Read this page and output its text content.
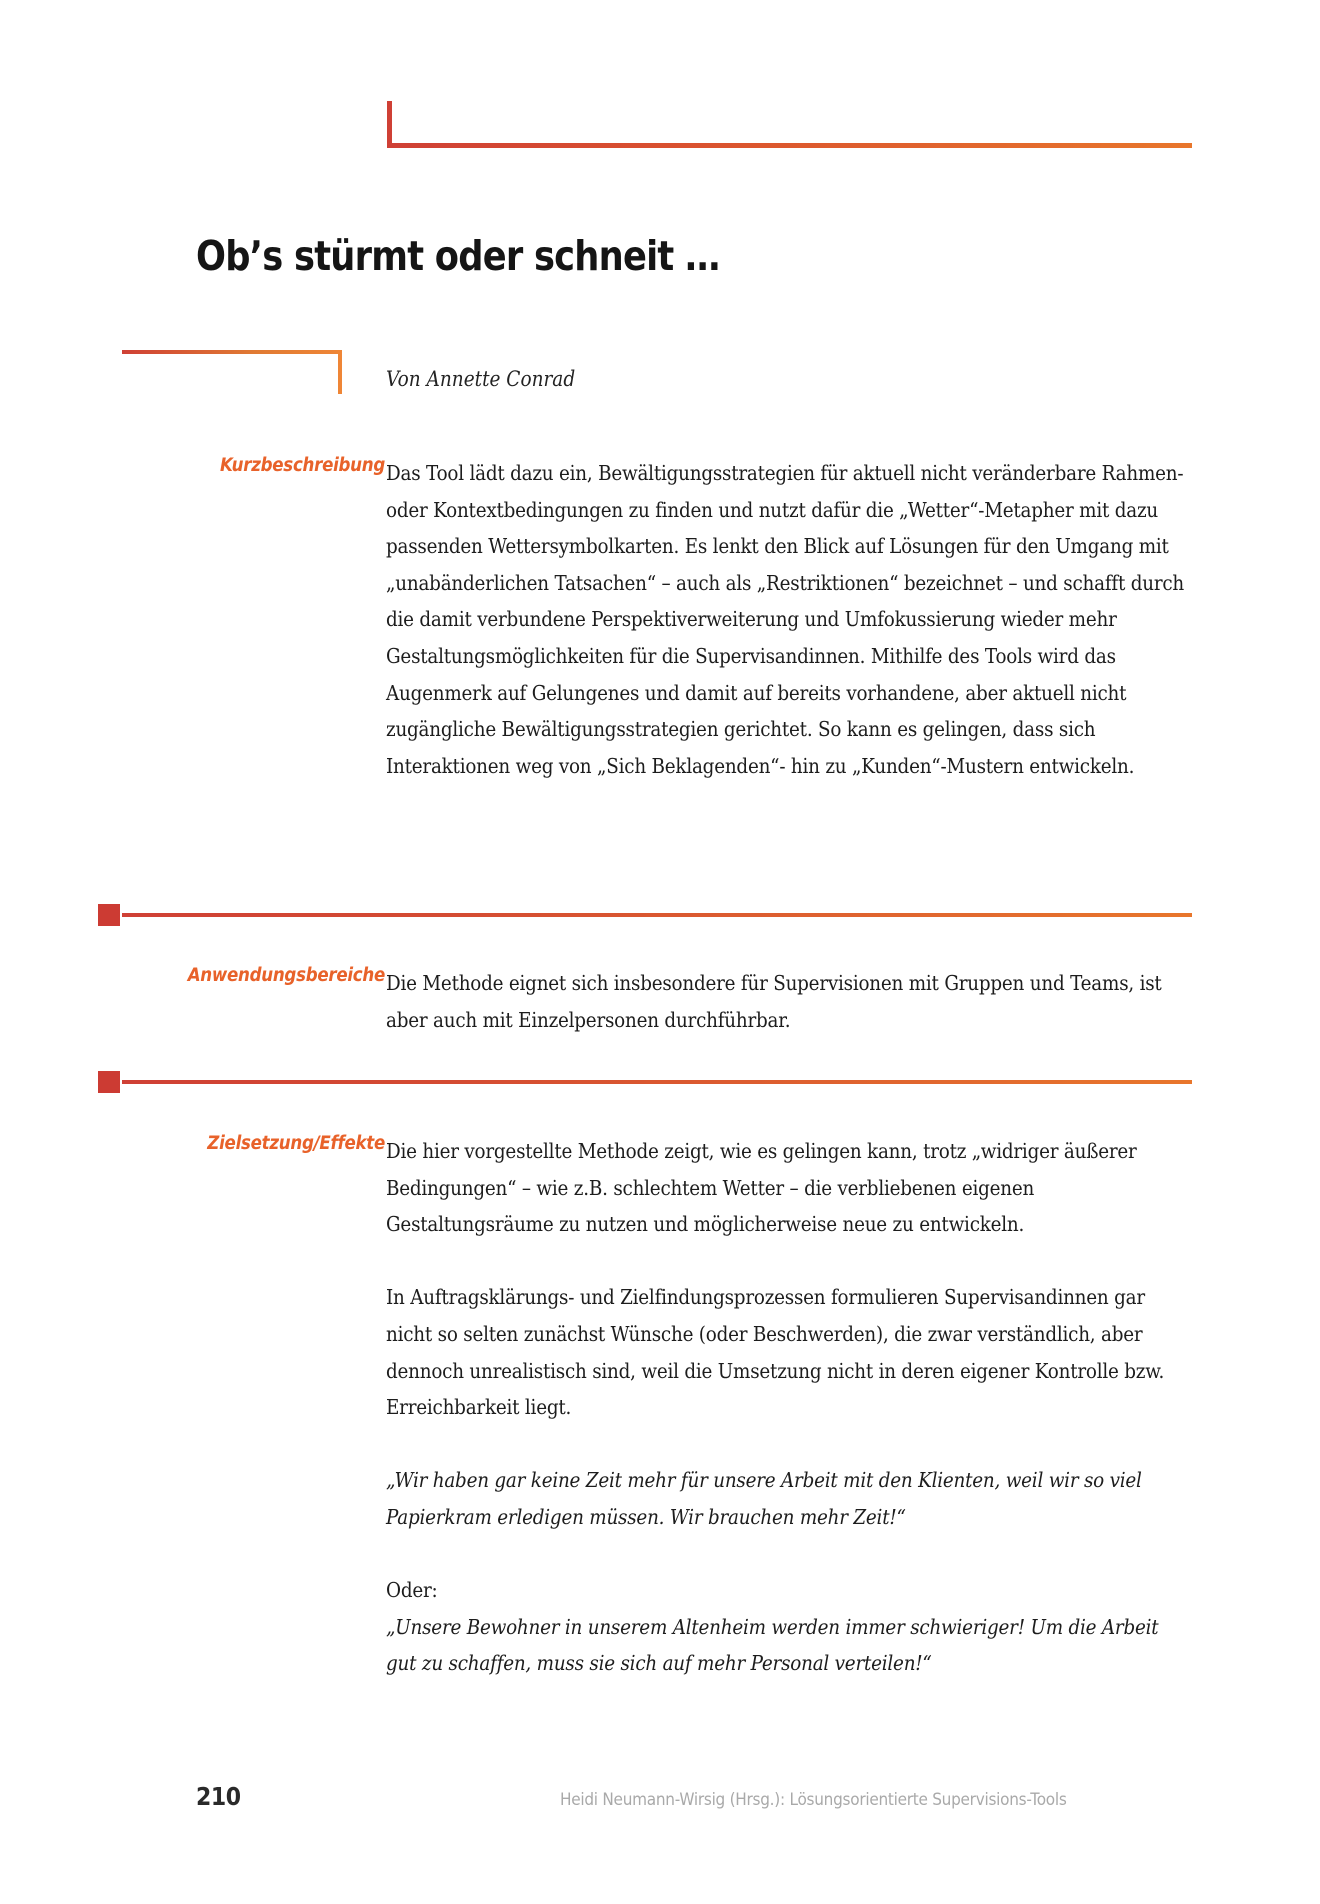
Ob’s stürmt oder schneit …
Von Annette Conrad
Kurzbeschreibung Das Tool lädt dazu ein, Bewältigungsstrategien für aktuell nicht veränderbare Rahmen- oder Kontextbedingungen zu finden und nutzt dafür die „Wetter“-Metapher mit dazu passenden Wettersymbolkarten. Es lenkt den Blick auf Lösungen für den Umgang mit „unabänderlichen Tatsachen“ – auch als „Restriktionen“ bezeichnet – und schafft durch die damit verbundene Perspektiverweiterung und Umfokussierung wieder mehr Gestaltungsmöglichkeiten für die Supervisandinnen. Mithilfe des Tools wird das Augenmerk auf Gelungenes und damit auf bereits vorhandene, aber aktuell nicht zugängliche Bewältigungsstrategien gerichtet. So kann es gelingen, dass sich Interaktionen weg von „Sich Beklagenden“- hin zu „Kunden“-Mustern entwickeln.

Anwendungsbereiche Die Methode eignet sich insbesondere für Supervisionen mit Gruppen und Teams, ist aber auch mit Einzelpersonen durchführbar.

Zielsetzung/Effekte Die hier vorgestellte Methode zeigt, wie es gelingen kann, trotz „widriger äußerer Bedingungen“ – wie z.B. schlechtem Wetter – die verbliebenen eigenen Gestaltungsräume zu nutzen und möglicherweise neue zu entwickeln.

In Auftragsklärungs- und Zielfindungsprozessen formulieren Supervisandinnen gar nicht so selten zunächst Wünsche (oder Beschwerden), die zwar verständlich, aber dennoch unrealistisch sind, weil die Umsetzung nicht in deren eigener Kontrolle bzw. Erreichbarkeit liegt.

„Wir haben gar keine Zeit mehr für unsere Arbeit mit den Klienten, weil wir so viel Papierkram erledigen müssen. Wir brauchen mehr Zeit!“

Oder:

„Unsere Bewohner in unserem Altenheim werden immer schwieriger! Um die Arbeit gut zu schaffen, muss sie sich auf mehr Personal verteilen!“

210	Heidi Neumann-Wirsig (Hrsg.): Lösungsorientierte Supervisions-Tools
